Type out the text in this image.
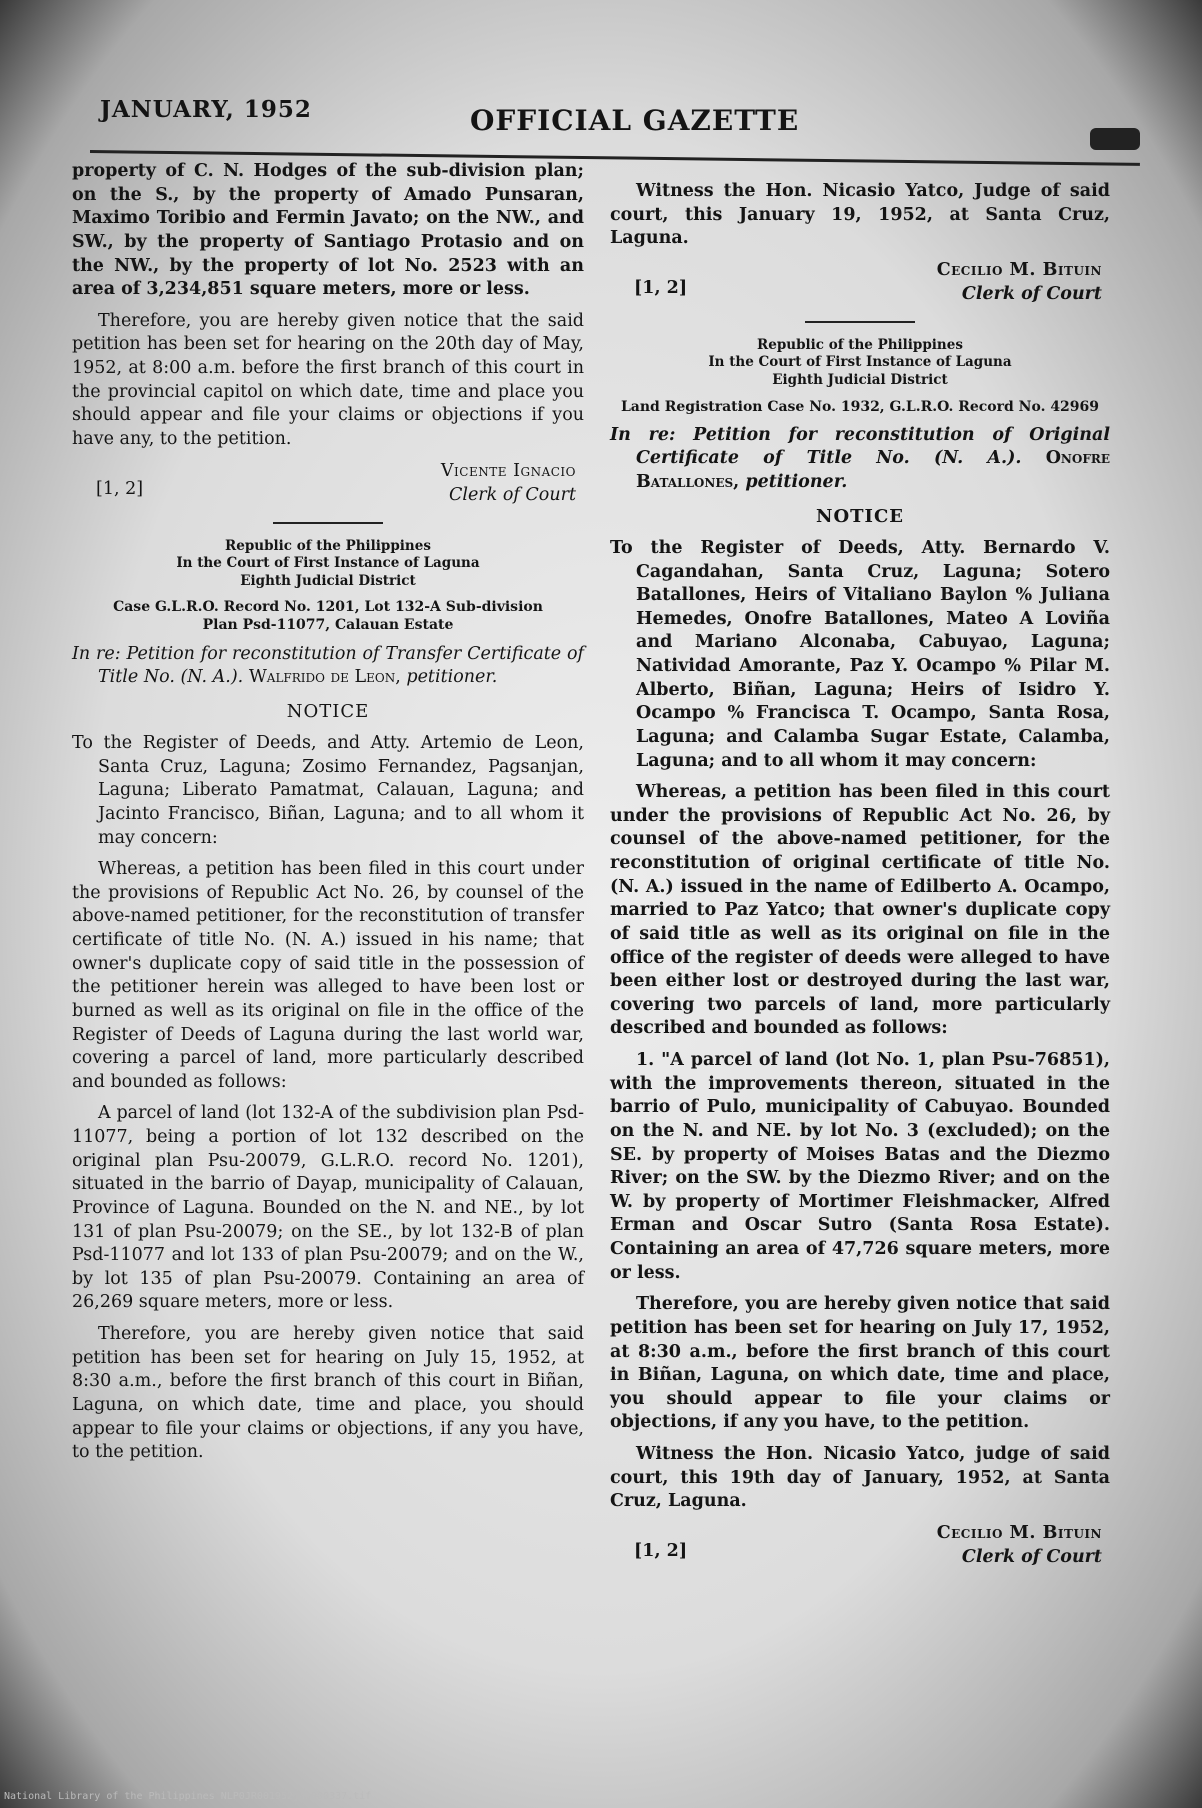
JANUARY, 1952	OFFICIAL GAZETTE

property of C. N. Hodges of the sub-division plan; on the S., by the property of Amado Punsaran, Maximo Toribio and Fermin Javato; on the NW., and SW., by the property of Santiago Protasio and on the NW., by the property of lot No. 2523 with an area of 3,234,851 square meters, more or less.

Therefore, you are hereby given notice that the said petition has been set for hearing on the 20th day of May, 1952, at 8:00 a.m. before the first branch of this court in the provincial capitol on which date, time and place you should appear and file your claims or objections if you have any, to the petition.

[1, 2]
Vicente Ignacio
Clerk of Court

Republic of the Philippines

In the Court of First Instance of Laguna

Eighth Judicial District

Case G.L.R.O. Record No. 1201, Lot 132-A Sub-division
Plan Psd-11077, Calauan Estate

In re: Petition for reconstitution of Transfer Certificate of Title No. (N. A.). Walfrido de Leon, petitioner.

NOTICE

To the Register of Deeds, and Atty. Artemio de Leon, Santa Cruz, Laguna; Zosimo Fernandez, Pagsanjan, Laguna; Liberato Pamatmat, Calauan, Laguna; and Jacinto Francisco, Biñan, Laguna; and to all whom it may concern:

Whereas, a petition has been filed in this court under the provisions of Republic Act No. 26, by counsel of the above-named petitioner, for the reconstitution of transfer certificate of title No. (N. A.) issued in his name; that owner's duplicate copy of said title in the possession of the petitioner herein was alleged to have been lost or burned as well as its original on file in the office of the Register of Deeds of Laguna during the last world war, covering a parcel of land, more particularly described and bounded as follows:

A parcel of land (lot 132-A of the subdivision plan Psd-11077, being a portion of lot 132 described on the original plan Psu-20079, G.L.R.O. record No. 1201), situated in the barrio of Dayap, municipality of Calauan, Province of Laguna. Bounded on the N. and NE., by lot 131 of plan Psu-20079; on the SE., by lot 132-B of plan Psd-11077 and lot 133 of plan Psu-20079; and on the W., by lot 135 of plan Psu-20079. Containing an area of 26,269 square meters, more or less.

Therefore, you are hereby given notice that said petition has been set for hearing on July 15, 1952, at 8:30 a.m., before the first branch of this court in Biñan, Laguna, on which date, time and place, you should appear to file your claims or objections, if any you have, to the petition.

Witness the Hon. Nicasio Yatco, Judge of said court, this January 19, 1952, at Santa Cruz, Laguna.

[1, 2]
Cecilio M. Bituin
Clerk of Court

Republic of the Philippines

In the Court of First Instance of Laguna

Eighth Judicial District

Land Registration Case No. 1932, G.L.R.O. Record No. 42969

In re: Petition for reconstitution of Original Certificate of Title No. (N. A.). Onofre Batallones, petitioner.

NOTICE

To the Register of Deeds, Atty. Bernardo V. Cagandahan, Santa Cruz, Laguna; Sotero Batallones, Heirs of Vitaliano Baylon % Juliana Hemedes, Onofre Batallones, Mateo A Loviña and Mariano Alconaba, Cabuyao, Laguna; Natividad Amorante, Paz Y. Ocampo % Pilar M. Alberto, Biñan, Laguna; Heirs of Isidro Y. Ocampo % Francisca T. Ocampo, Santa Rosa, Laguna; and Calamba Sugar Estate, Calamba, Laguna; and to all whom it may concern:

Whereas, a petition has been filed in this court under the provisions of Republic Act No. 26, by counsel of the above-named petitioner, for the reconstitution of original certificate of title No. (N. A.) issued in the name of Edilberto A. Ocampo, married to Paz Yatco; that owner's duplicate copy of said title as well as its original on file in the office of the register of deeds were alleged to have been either lost or destroyed during the last war, covering two parcels of land, more particularly described and bounded as follows:

1. "A parcel of land (lot No. 1, plan Psu-76851), with the improvements thereon, situated in the barrio of Pulo, municipality of Cabuyao. Bounded on the N. and NE. by lot No. 3 (excluded); on the SE. by property of Moises Batas and the Diezmo River; on the SW. by the Diezmo River; and on the W. by property of Mortimer Fleishmacker, Alfred Erman and Oscar Sutro (Santa Rosa Estate). Containing an area of 47,726 square meters, more or less.

Therefore, you are hereby given notice that said petition has been set for hearing on July 17, 1952, at 8:30 a.m., before the first branch of this court in Biñan, Laguna, on which date, time and place, you should appear to file your claims or objections, if any you have, to the petition.

Witness the Hon. Nicasio Yatco, judge of said court, this 19th day of January, 1952, at Santa Cruz, Laguna.

[1, 2]
Cecilio M. Bituin
Clerk of Court
National Library of the Philippines NLP0JR001952jan000337.tif
